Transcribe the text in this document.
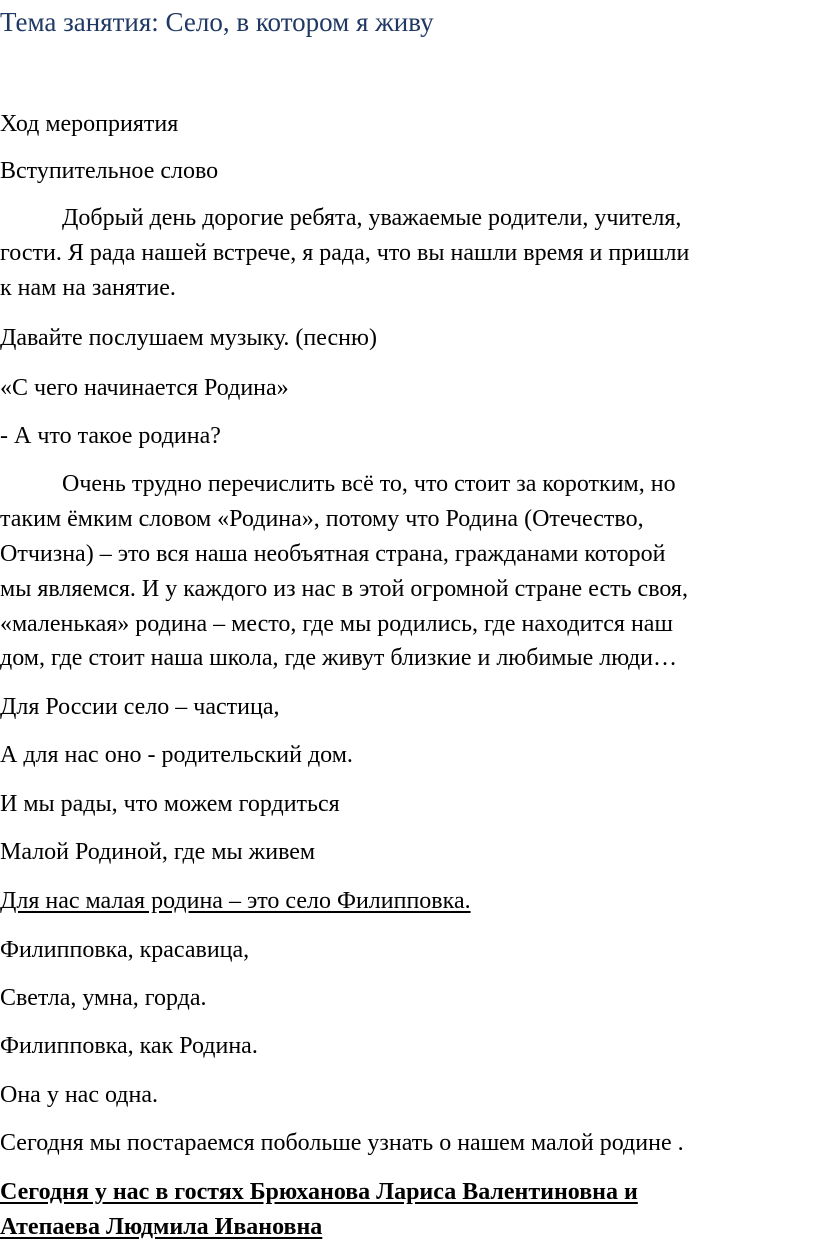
Тема занятия: Село, в котором я живу
Ход мероприятия
Вступительное слово
Добрый день дорогие ребята, уважаемые родители, учителя,
гости. Я рада нашей встрече, я рада, что вы нашли время и пришли
к нам на занятие.
Давайте послушаем музыку. (песню)
«С чего начинается Родина»
- А что такое родина?
Очень трудно перечислить всё то, что стоит за коротким, но
таким ёмким словом «Родина», потому что Родина (Отечество,
Отчизна) – это вся наша необъятная страна, гражданами которой
мы являемся. И у каждого из нас в этой огромной стране есть своя,
«маленькая» родина – место, где мы родились, где находится наш
дом, где стоит наша школа, где живут близкие и любимые люди…
Для России село – частица,
А для нас оно - родительский дом.
И мы рады, что можем гордиться
Малой Родиной, где мы живем
Для нас малая родина – это село Филипповка.
Филипповка, красавица,
Светла, умна, горда.
Филипповка, как Родина.
Она у нас одна.
Сегодня мы постараемся побольше узнать о нашем малой родине .
Сегодня у нас в гостях Брюханова Лариса Валентиновна и
Атепаева Людмила Ивановна
